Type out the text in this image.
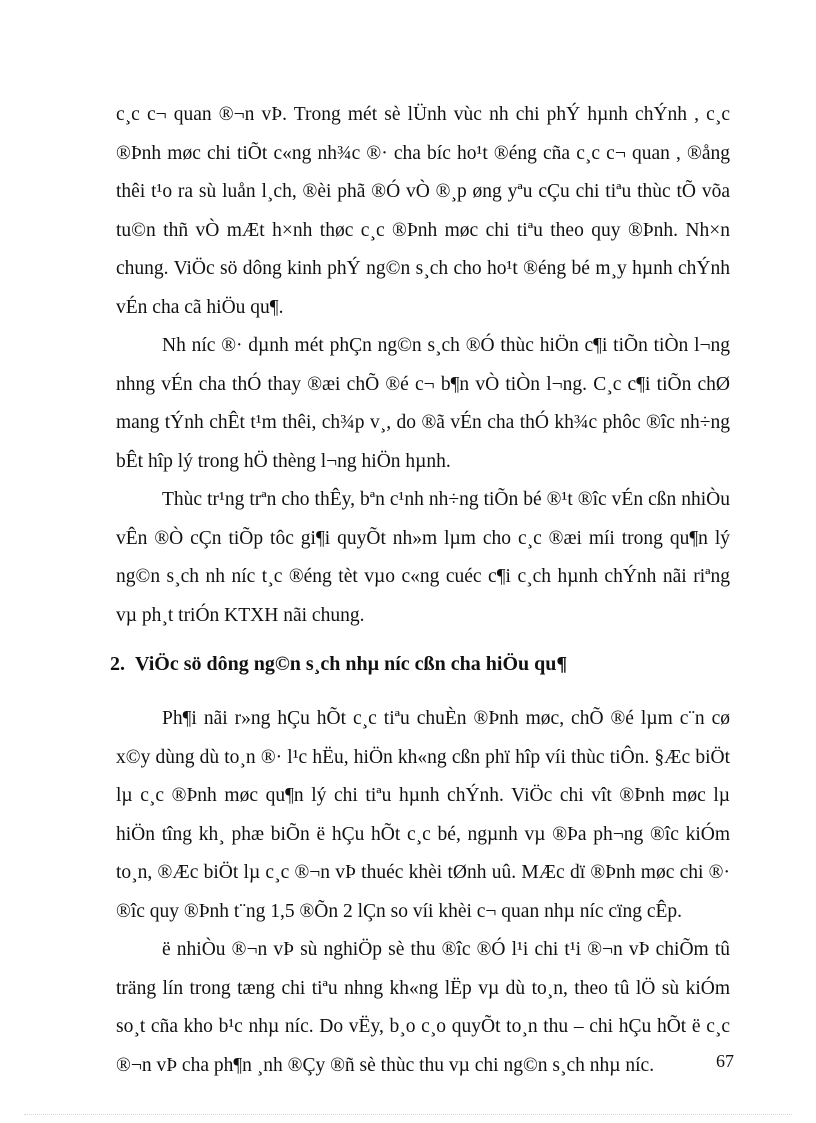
c¸c c¬ quan ®¬n vÞ. Trong mét sè lÜnh vùc nh chi phÝ hµnh chÝnh , c¸c ®Þnh møc chi tiÕt c«ng nh¾c ®· cha bíc ho¹t ®éng cña c¸c c¬ quan , ®ång thêi t¹o ra sù luån l¸ch, ®èi phã ®Ó vÒ ®¸p øng yªu cÇu chi tiªu thùc tÕ võa tu©n thñ vÒ mÆt h×nh thøc c¸c ®Þnh møc chi tiªu theo quy ®Þnh. Nh×n chung. ViÖc sö dông kinh phÝ ng©n s¸ch cho ho¹t ®éng bé m¸y hµnh chÝnh vÉn cha cã hiÖu qu¶.

Nh níc ®· dµnh mét phÇn ng©n s¸ch ®Ó thùc hiÖn c¶i tiÕn tiÒn l¬ng nhng vÉn cha thÓ thay ®æi chÕ ®é c¬ b¶n vÒ tiÒn l¬ng. C¸c c¶i tiÕn chØ mang tÝnh chÊt t¹m thêi, ch¾p v¸, do ®ã vÉn cha thÓ kh¾c phôc ®îc nh÷ng bÊt hîp lý trong hÖ thèng l¬ng hiÖn hµnh.

Thùc tr¹ng trªn cho thÊy, bªn c¹nh nh÷ng tiÕn bé ®¹t ®îc vÉn cßn nhiÒu vÊn ®Ò cÇn tiÕp tôc gi¶i quyÕt nh»m lµm cho c¸c ®æi míi trong qu¶n lý ng©n s¸ch nh níc t¸c ®éng tèt vµo c«ng cuéc c¶i c¸ch hµnh chÝnh nãi riªng vµ ph¸t triÓn KTXH nãi chung.

2. ViÖc sö dông ng©n s¸ch nhµ níc cßn cha hiÖu qu¶

Ph¶i nãi r»ng hÇu hÕt c¸c tiªu chuÈn ®Þnh møc, chÕ ®é lµm c¨n cø x©y dùng dù to¸n ®· l¹c hËu, hiÖn kh«ng cßn phï hîp víi thùc tiÔn. §Æc biÖt lµ c¸c ®Þnh møc qu¶n lý chi tiªu hµnh chÝnh. ViÖc chi vît ®Þnh møc lµ hiÖn tîng kh¸ phæ biÕn ë hÇu hÕt c¸c bé, ngµnh vµ ®Þa ph¬ng ®îc kiÓm to¸n, ®Æc biÖt lµ c¸c ®¬n vÞ thuéc khèi tØnh uû. MÆc dï ®Þnh møc chi ®· ®îc quy ®Þnh t¨ng 1,5 ®Õn 2 lÇn so víi khèi c¬ quan nhµ níc cïng cÊp.

ë nhiÒu ®¬n vÞ sù nghiÖp sè thu ®îc ®Ó l¹i chi t¹i ®¬n vÞ chiÕm tû träng lín trong tæng chi tiªu nhng kh«ng lËp vµ dù to¸n, theo tû lÖ sù kiÓm so¸t cña kho b¹c nhµ níc. Do vËy, b¸o c¸o quyÕt to¸n thu – chi hÇu hÕt ë c¸c ®¬n vÞ cha ph¶n ¸nh ®Çy ®ñ sè thùc thu vµ chi ng©n s¸ch nhµ níc.	67
